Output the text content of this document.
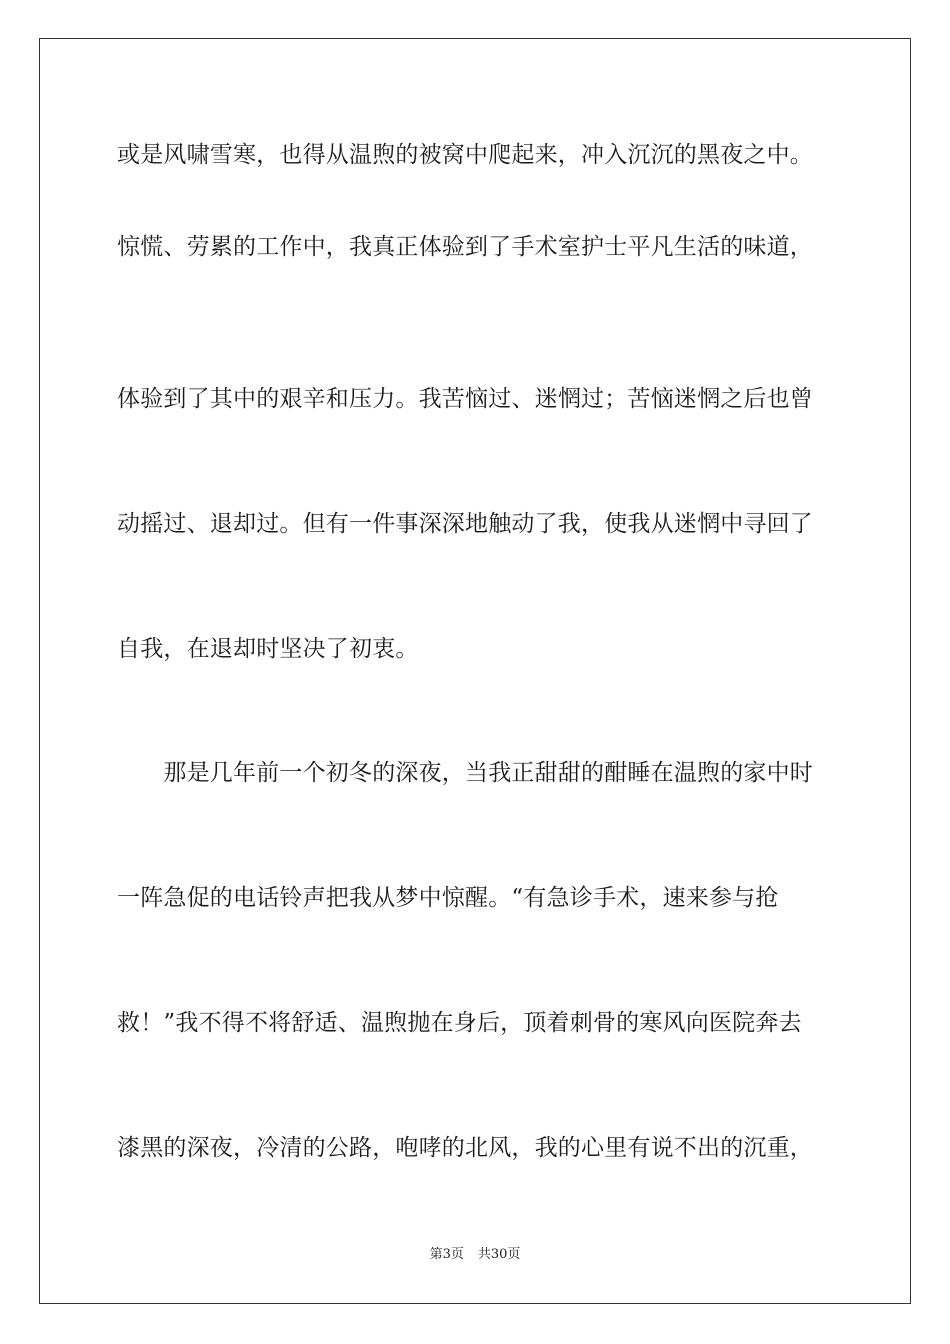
或是风啸雪寒，也得从温煦的被窝中爬起来，冲入沉沉的黑夜之中。
惊慌、劳累的工作中，我真正体验到了手术室护士平凡生活的味道，
体验到了其中的艰辛和压力。我苦恼过、迷惘过；苦恼迷惘之后也曾
动摇过、退却过。但有一件事深深地触动了我，使我从迷惘中寻回了
自我，在退却时坚决了初衷。
　　那是几年前一个初冬的深夜，当我正甜甜的酣睡在温煦的家中时
一阵急促的电话铃声把我从梦中惊醒。“有急诊手术，速来参与抢
救！”我不得不将舒适、温煦抛在身后，顶着刺骨的寒风向医院奔去
漆黑的深夜，冷清的公路，咆哮的北风，我的心里有说不出的沉重，
第3页 共30页
